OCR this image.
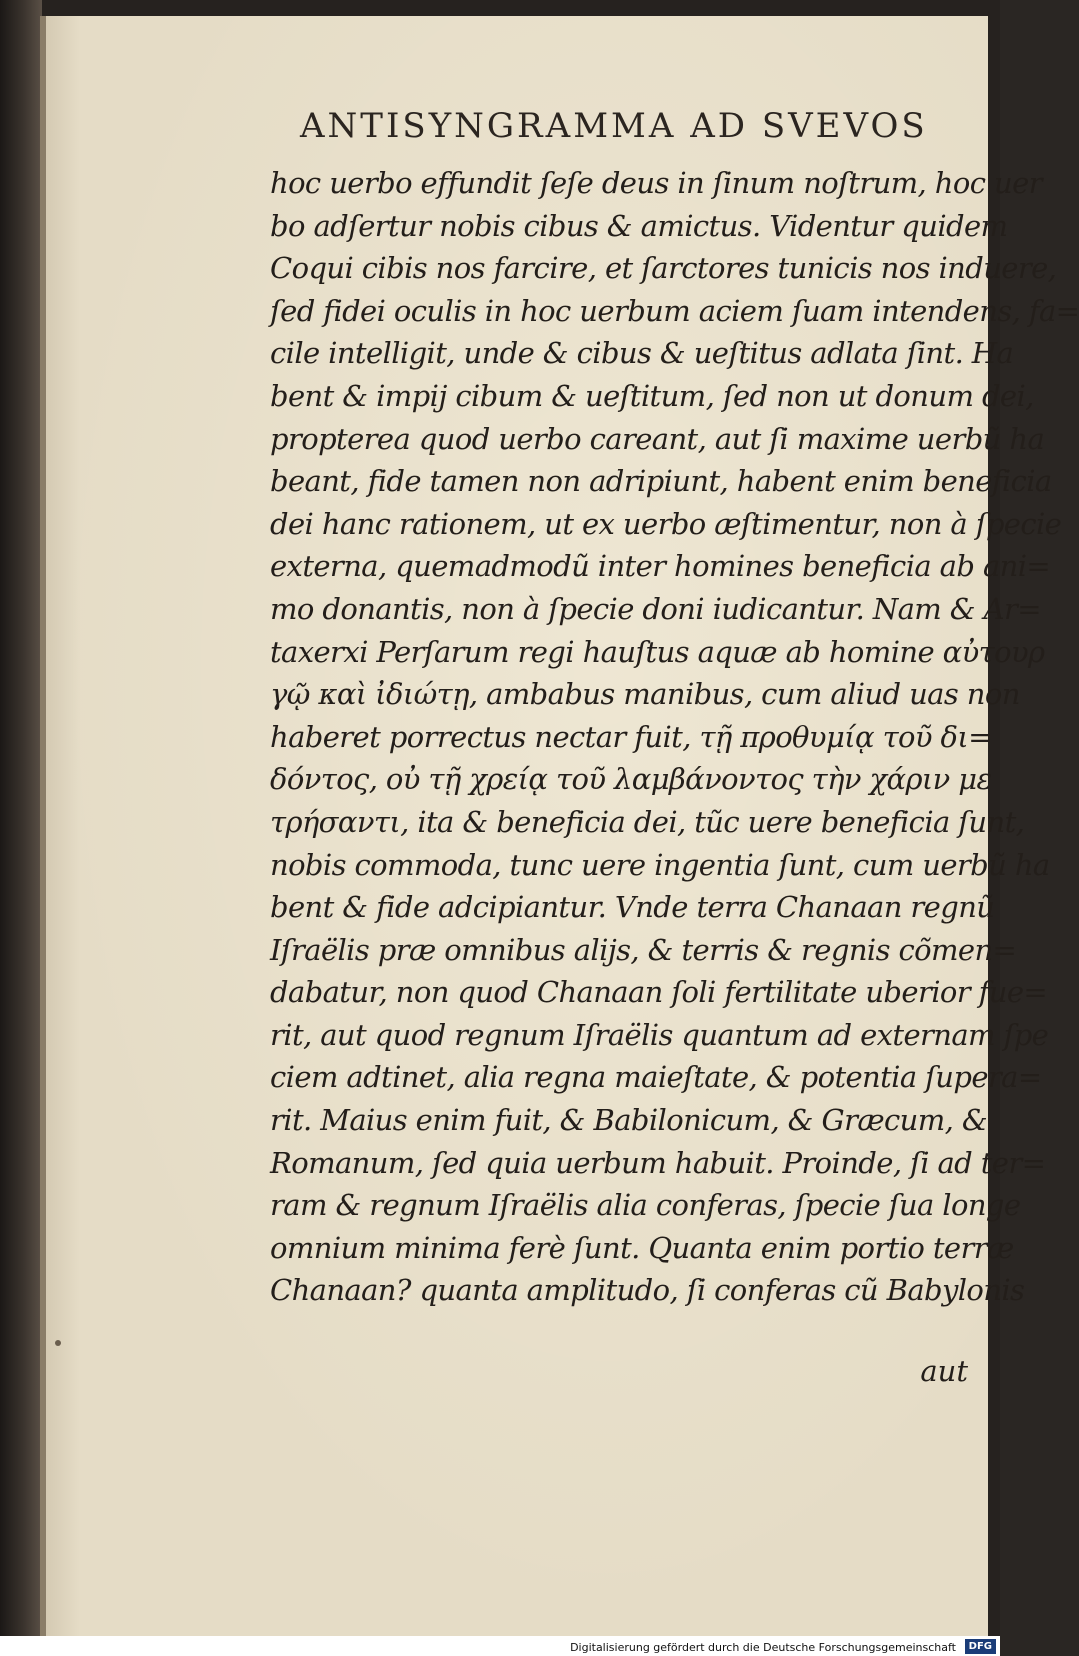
ANTISYNGRAMMA AD SVEVOS
hoc uerbo effundit ſeſe deus in ſinum noſtrum, hoc uer
bo adſertur nobis cibus & amictus. Videntur quidem
Coqui cibis nos farcire, et ſarctores tunicis nos induere,
ſed fidei oculis in hoc uerbum aciem ſuam intendens, fa=
cile intelligit, unde & cibus & ueſtitus adlata ſint. Ha
bent & impij cibum & ueſtitum, ſed non ut donum dei,
propterea quod uerbo careant, aut ſi maxime uerbũ ha
beant, fide tamen non adripiunt, habent enim beneficia
dei hanc rationem, ut ex uerbo æſtimentur, non à ſpecie
externa, quemadmodũ inter homines beneficia ab ani=
mo donantis, non à ſpecie doni iudicantur. Nam & Ar=
taxerxi Perſarum regi hauſtus aquæ ab homine αὐτουρ
γῷ καὶ ἰδιώτῃ, ambabus manibus, cum aliud uas non
haberet porrectus nectar fuit, τῇ προθυμίᾳ τοῦ δι=
δόντος, οὐ τῇ χρείᾳ τοῦ λαμβάνοντος τὴν χάριν με
τρήσαντι, ita & beneficia dei, tũc uere beneficia ſunt,
nobis commoda, tunc uere ingentia ſunt, cum uerbũ ha
bent & fide adcipiantur. Vnde terra Chanaan regnũ
Iſraëlis præ omnibus alijs, & terris & regnis cõmen=
dabatur, non quod Chanaan ſoli fertilitate uberior fue=
rit, aut quod regnum Iſraëlis quantum ad externam ſpe
ciem adtinet, alia regna maieſtate, & potentia ſupera=
rit. Maius enim fuit, & Babilonicum, & Græcum, &
Romanum, ſed quia uerbum habuit. Proinde, ſi ad ter=
ram & regnum Iſraëlis alia conferas, ſpecie ſua longe
omnium minima ferè ſunt. Quanta enim portio terræ
Chanaan? quanta amplitudo, ſi conferas cũ Babylonis
aut
Digitalisierung gefördert durch die Deutsche Forschungsgemeinschaft	DFG
